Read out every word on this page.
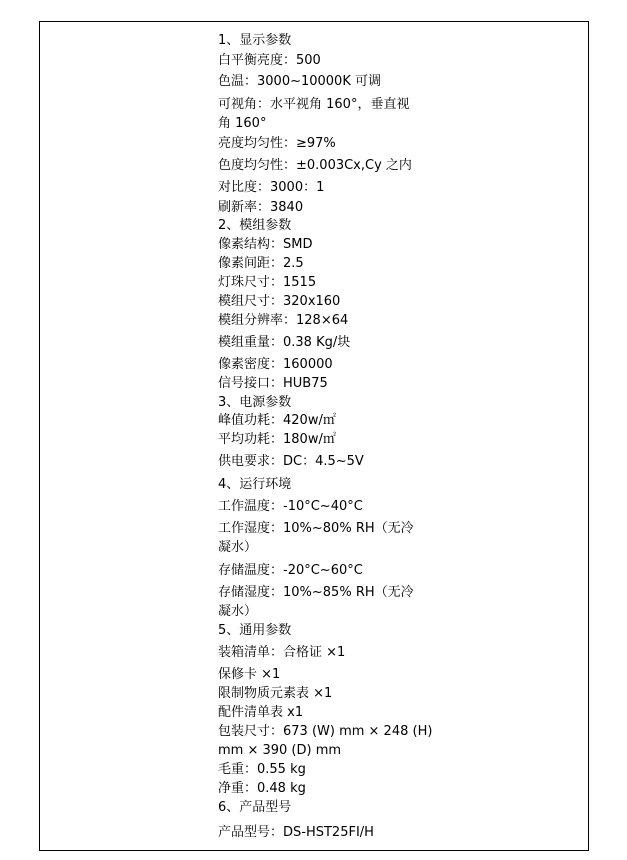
1、显示参数
白平衡亮度：500
色温：3000~10000K 可调
可视角：水平视角 160°，垂直视
角 160°
亮度均匀性：≥97%
色度均匀性：±0.003Cx,Cy 之内
对比度：3000：1
刷新率：3840
2、模组参数
像素结构：SMD
像素间距：2.5
灯珠尺寸：1515
模组尺寸：320x160
模组分辨率：128×64
模组重量：0.38 Kg/块
像素密度：160000
信号接口：HUB75
3、电源参数
峰值功耗：420w/㎡
平均功耗：180w/㎡
供电要求：DC：4.5~5V
4、运行环境
工作温度：-10°C~40°C
工作湿度：10%~80% RH（无冷
凝水）
存储温度：-20°C~60°C
存储湿度：10%~85% RH（无冷
凝水）
5、通用参数
装箱清单：合格证 ×1
保修卡 ×1
限制物质元素表 ×1
配件清单表 x1
包装尺寸：673 (W) mm × 248 (H)
mm × 390 (D) mm
毛重：0.55 kg
净重：0.48 kg
6、产品型号
产品型号：DS-HST25FI/H
